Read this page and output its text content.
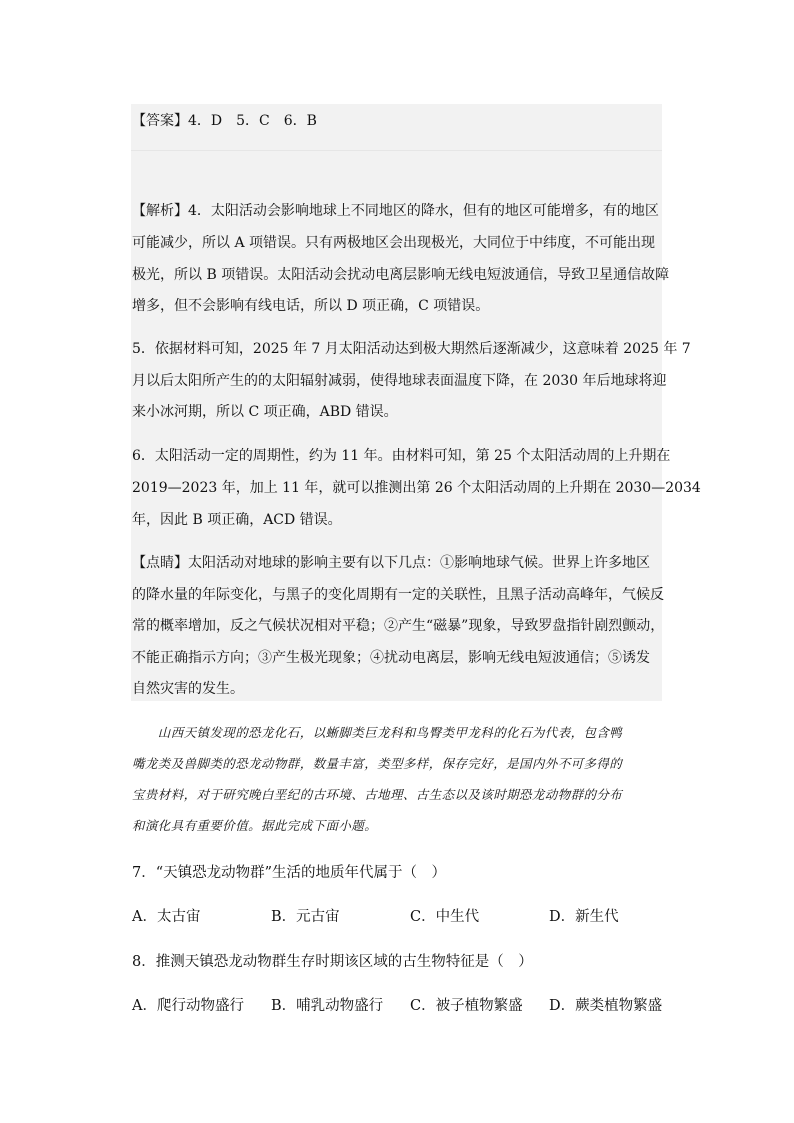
【答案】4．D　5．C　6．B
【解析】4．太阳活动会影响地球上不同地区的降水，但有的地区可能增多，有的地区
可能减少，所以 A 项错误。只有两极地区会出现极光，大同位于中纬度，不可能出现
极光，所以 B 项错误。太阳活动会扰动电离层影响无线电短波通信，导致卫星通信故障
增多，但不会影响有线电话，所以 D 项正确，C 项错误。
5．依据材料可知，2025 年 7 月太阳活动达到极大期然后逐渐减少，这意味着 2025 年 7
月以后太阳所产生的的太阳辐射减弱，使得地球表面温度下降，在 2030 年后地球将迎
来小冰河期，所以 C 项正确，ABD 错误。
6．太阳活动一定的周期性，约为 11 年。由材料可知，第 25 个太阳活动周的上升期在
2019—2023 年，加上 11 年，就可以推测出第 26 个太阳活动周的上升期在 2030—2034
年，因此 B 项正确，ACD 错误。
【点睛】太阳活动对地球的影响主要有以下几点：①影响地球气候。世界上许多地区
的降水量的年际变化，与黑子的变化周期有一定的关联性，且黑子活动高峰年，气候反
常的概率增加，反之气候状况相对平稳；②产生“磁暴”现象，导致罗盘指针剧烈颤动，
不能正确指示方向；③产生极光现象；④扰动电离层，影响无线电短波通信；⑤诱发
自然灾害的发生。
　　山西天镇发现的恐龙化石，以蜥脚类巨龙科和鸟臀类甲龙科的化石为代表，包含鸭
嘴龙类及兽脚类的恐龙动物群，数量丰富，类型多样，保存完好，是国内外不可多得的
宝贵材料，对于研究晚白垩纪的古环境、古地理、古生态以及该时期恐龙动物群的分布
和演化具有重要价值。据此完成下面小题。
7．“天镇恐龙动物群”生活的地质年代属于（　）
A．太古宙	B．元古宙	C．中生代	D．新生代
8．推测天镇恐龙动物群生存时期该区域的古生物特征是（　）
A．爬行动物盛行 B．哺乳动物盛行 C．被子植物繁盛 D．蕨类植物繁盛
